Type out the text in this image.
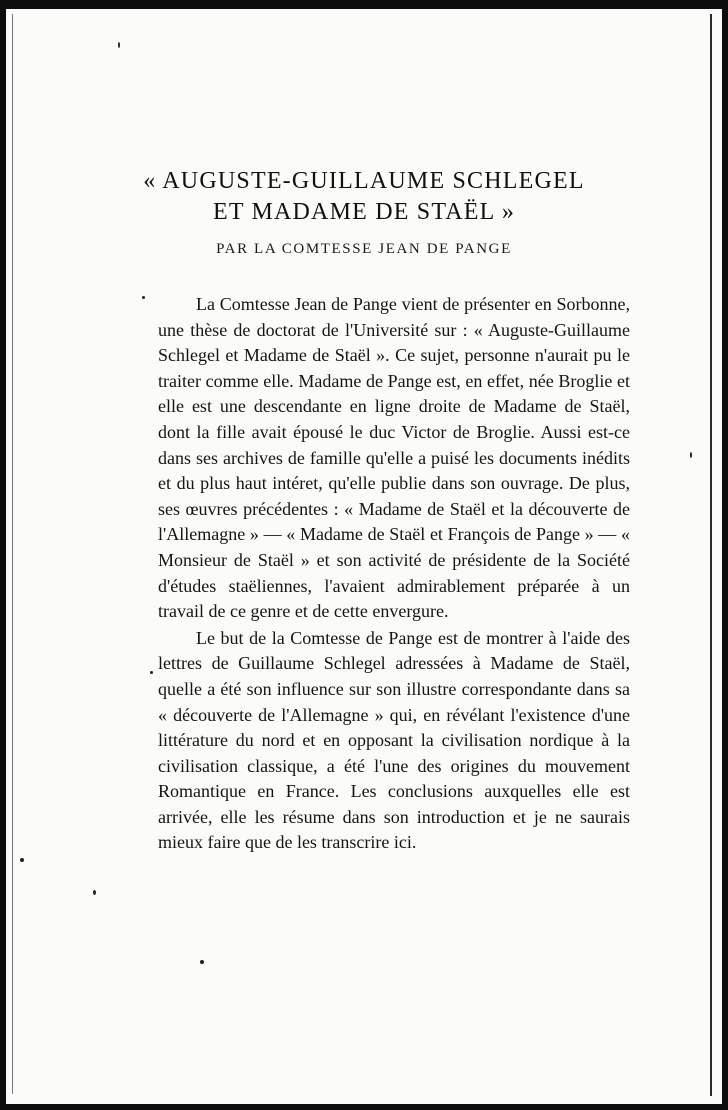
« AUGUSTE-GUILLAUME SCHLEGEL
ET MADAME DE STAËL »
PAR LA COMTESSE JEAN DE PANGE

La Comtesse Jean de Pange vient de présenter en Sorbonne, une thèse de doctorat de l'Université sur : « Auguste-Guillaume Schlegel et Madame de Staël ». Ce sujet, personne n'aurait pu le traiter comme elle. Madame de Pange est, en effet, née Broglie et elle est une descendante en ligne droite de Madame de Staël, dont la fille avait épousé le duc Victor de Broglie. Aussi est-ce dans ses archives de famille qu'elle a puisé les documents inédits et du plus haut intéret, qu'elle publie dans son ouvrage. De plus, ses œuvres précédentes : « Madame de Staël et la découverte de l'Allemagne » — « Madame de Staël et François de Pange » — « Monsieur de Staël » et son activité de présidente de la Société d'études staëliennes, l'avaient admirablement préparée à un travail de ce genre et de cette envergure.

Le but de la Comtesse de Pange est de montrer à l'aide des lettres de Guillaume Schlegel adressées à Madame de Staël, quelle a été son influence sur son illustre correspondante dans sa « découverte de l'Allemagne » qui, en révélant l'existence d'une littérature du nord et en opposant la civilisation nordique à la civilisation classique, a été l'une des origines du mouvement Romantique en France. Les conclusions auxquelles elle est arrivée, elle les résume dans son introduction et je ne saurais mieux faire que de les transcrire ici.
